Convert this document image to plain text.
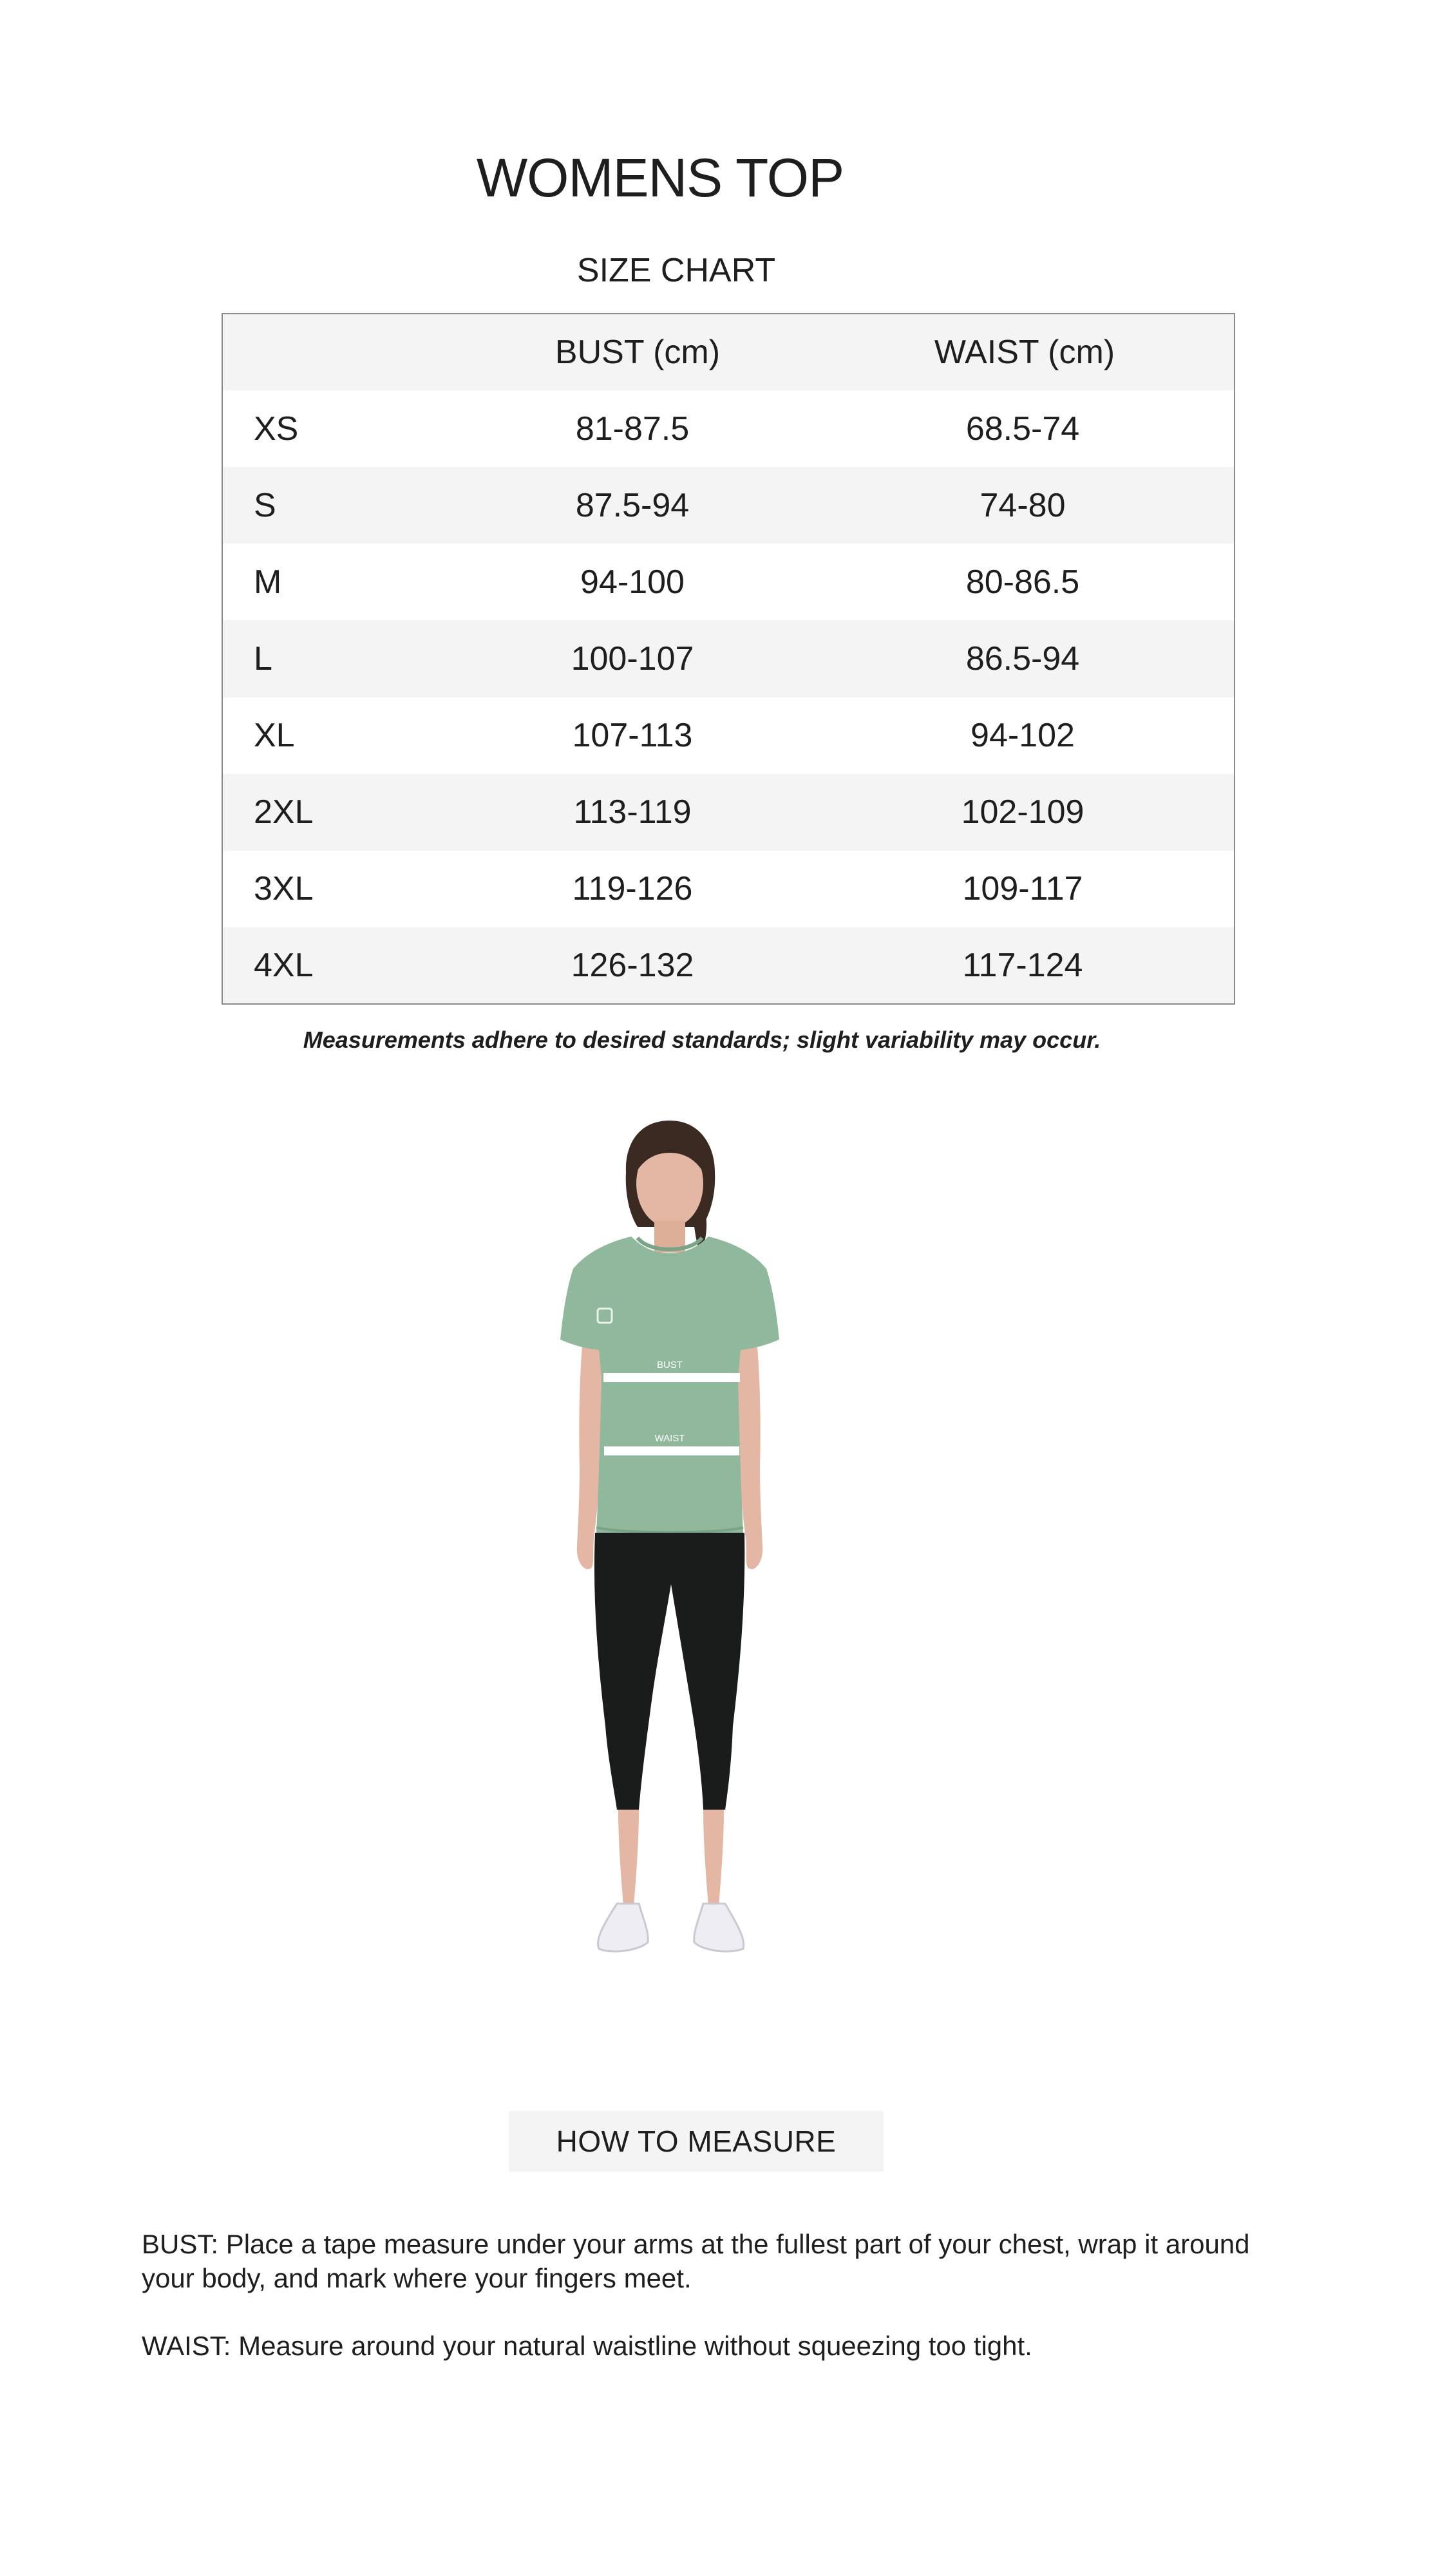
WOMENS TOP
SIZE CHART
	BUST (cm)	WAIST (cm)
XS	81-87.5	68.5-74
S	87.5-94	74-80
M	94-100	80-86.5
L	100-107	86.5-94
XL	107-113	94-102
2XL	113-119	102-109
3XL	119-126	109-117
4XL	126-132	117-124

Measurements adhere to desired standards; slight variability may occur.

BUST
WAIST
HOW TO MEASURE

BUST: Place a tape measure under your arms at the fullest part of your chest, wrap it around your body, and mark where your fingers meet.

WAIST: Measure around your natural waistline without squeezing too tight.
